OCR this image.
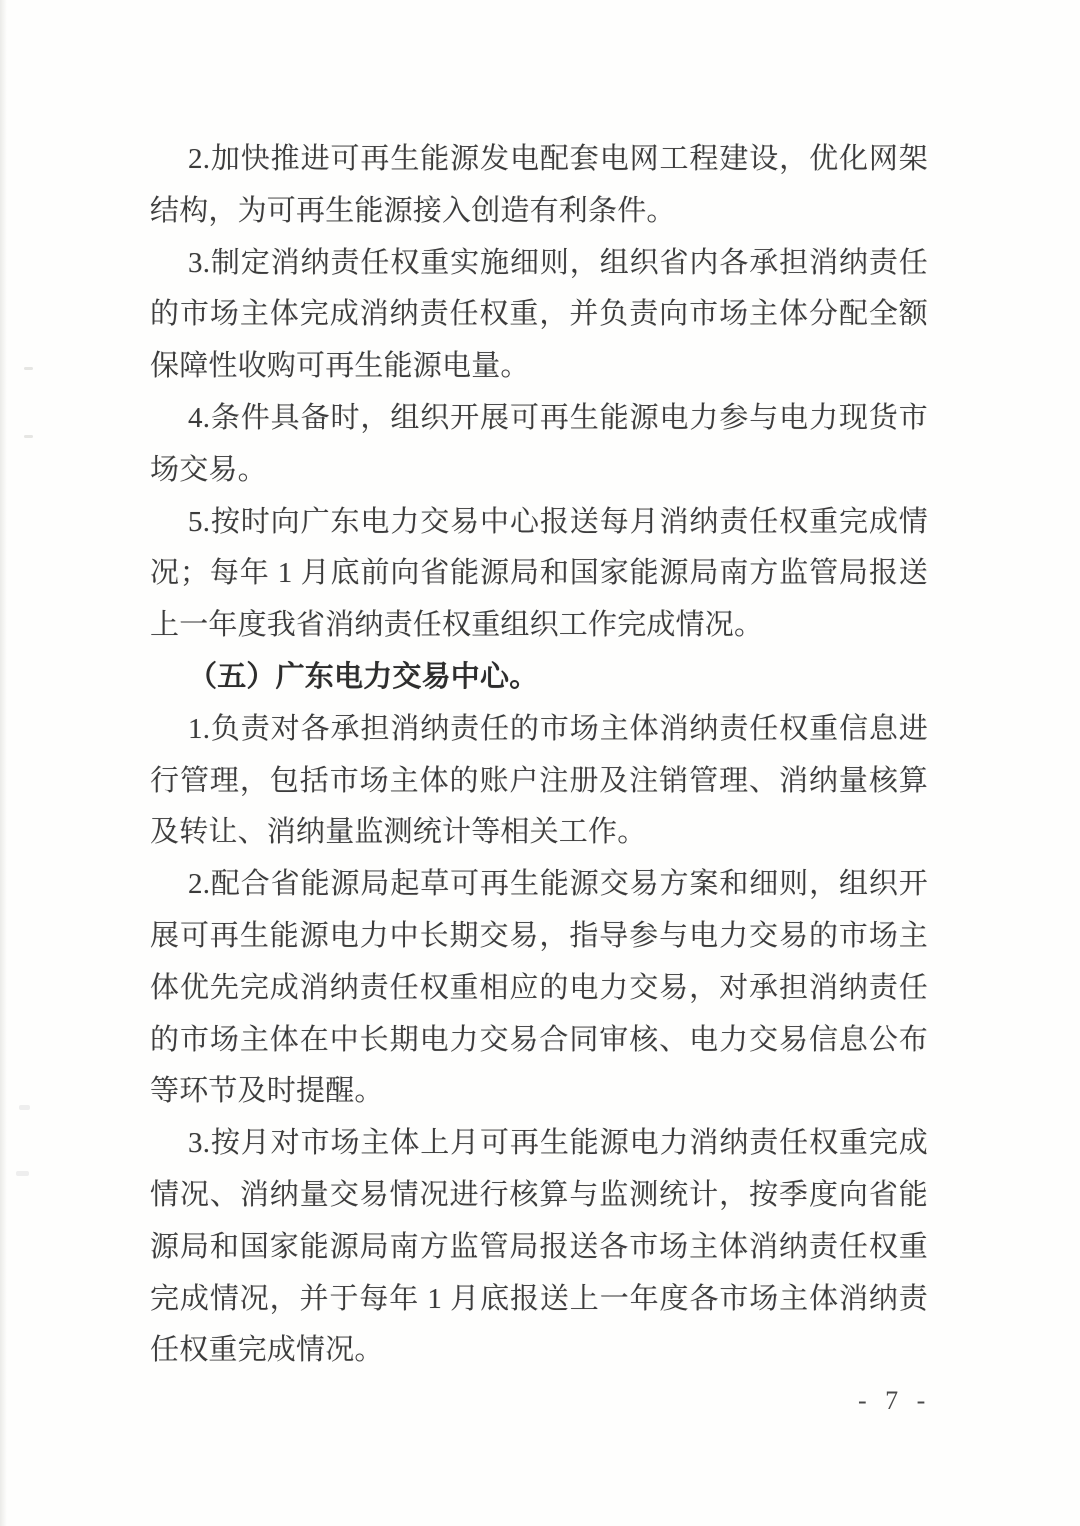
2.加快推进可再生能源发电配套电网工程建设，优化网架结构，为可再生能源接入创造有利条件。

3.制定消纳责任权重实施细则，组织省内各承担消纳责任的市场主体完成消纳责任权重，并负责向市场主体分配全额保障性收购可再生能源电量。

4.条件具备时，组织开展可再生能源电力参与电力现货市场交易。

5.按时向广东电力交易中心报送每月消纳责任权重完成情况；每年 1 月底前向省能源局和国家能源局南方监管局报送上一年度我省消纳责任权重组织工作完成情况。

（五）广东电力交易中心。

1.负责对各承担消纳责任的市场主体消纳责任权重信息进行管理，包括市场主体的账户注册及注销管理、消纳量核算及转让、消纳量监测统计等相关工作。

2.配合省能源局起草可再生能源交易方案和细则，组织开展可再生能源电力中长期交易，指导参与电力交易的市场主体优先完成消纳责任权重相应的电力交易，对承担消纳责任的市场主体在中长期电力交易合同审核、电力交易信息公布等环节及时提醒。

3.按月对市场主体上月可再生能源电力消纳责任权重完成情况、消纳量交易情况进行核算与监测统计，按季度向省能源局和国家能源局南方监管局报送各市场主体消纳责任权重完成情况，并于每年 1 月底报送上一年度各市场主体消纳责任权重完成情况。

- 7 -
